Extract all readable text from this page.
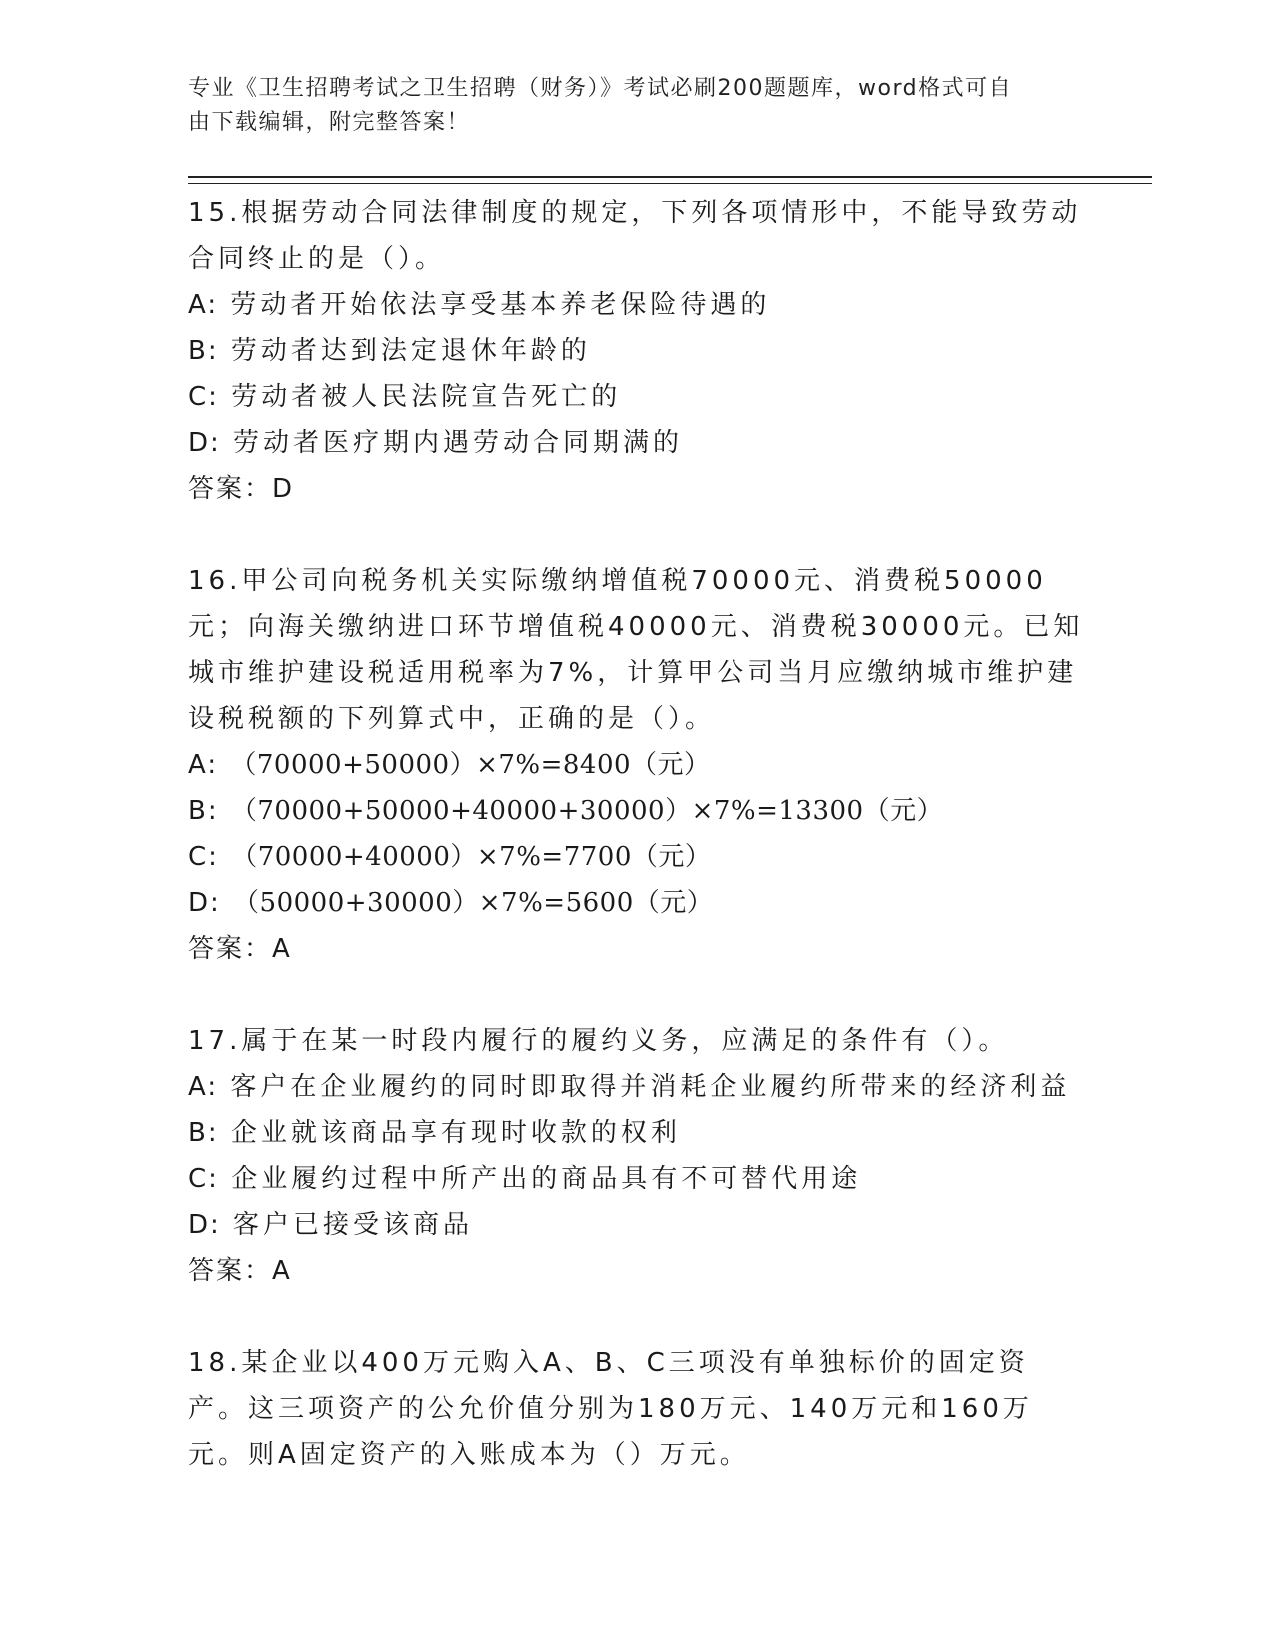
专业《卫生招聘考试之卫生招聘（财务）》考试必刷200题题库，word格式可自
由下载编辑，附完整答案！

15.根据劳动合同法律制度的规定，下列各项情形中，不能导致劳动合同终止的是（）。

A: 劳动者开始依法享受基本养老保险待遇的

B: 劳动者达到法定退休年龄的

C: 劳动者被人民法院宣告死亡的

D: 劳动者医疗期内遇劳动合同期满的

答案：D

16.甲公司向税务机关实际缴纳增值税70000元、消费税50000元；向海关缴纳进口环节增值税40000元、消费税30000元。已知城市维护建设税适用税率为7%，计算甲公司当月应缴纳城市维护建设税税额的下列算式中，正确的是（）。

A: （70000+50000）×7%=8400（元）

B: （70000+50000+40000+30000）×7%=13300（元）

C: （70000+40000）×7%=7700（元）

D: （50000+30000）×7%=5600（元）

答案：A

17.属于在某一时段内履行的履约义务，应满足的条件有（）。

A: 客户在企业履约的同时即取得并消耗企业履约所带来的经济利益

B: 企业就该商品享有现时收款的权利

C: 企业履约过程中所产出的商品具有不可替代用途

D: 客户已接受该商品

答案：A

18.某企业以400万元购入A、B、C三项没有单独标价的固定资产。这三项资产的公允价值分别为180万元、140万元和160万元。则A固定资产的入账成本为（）万元。
